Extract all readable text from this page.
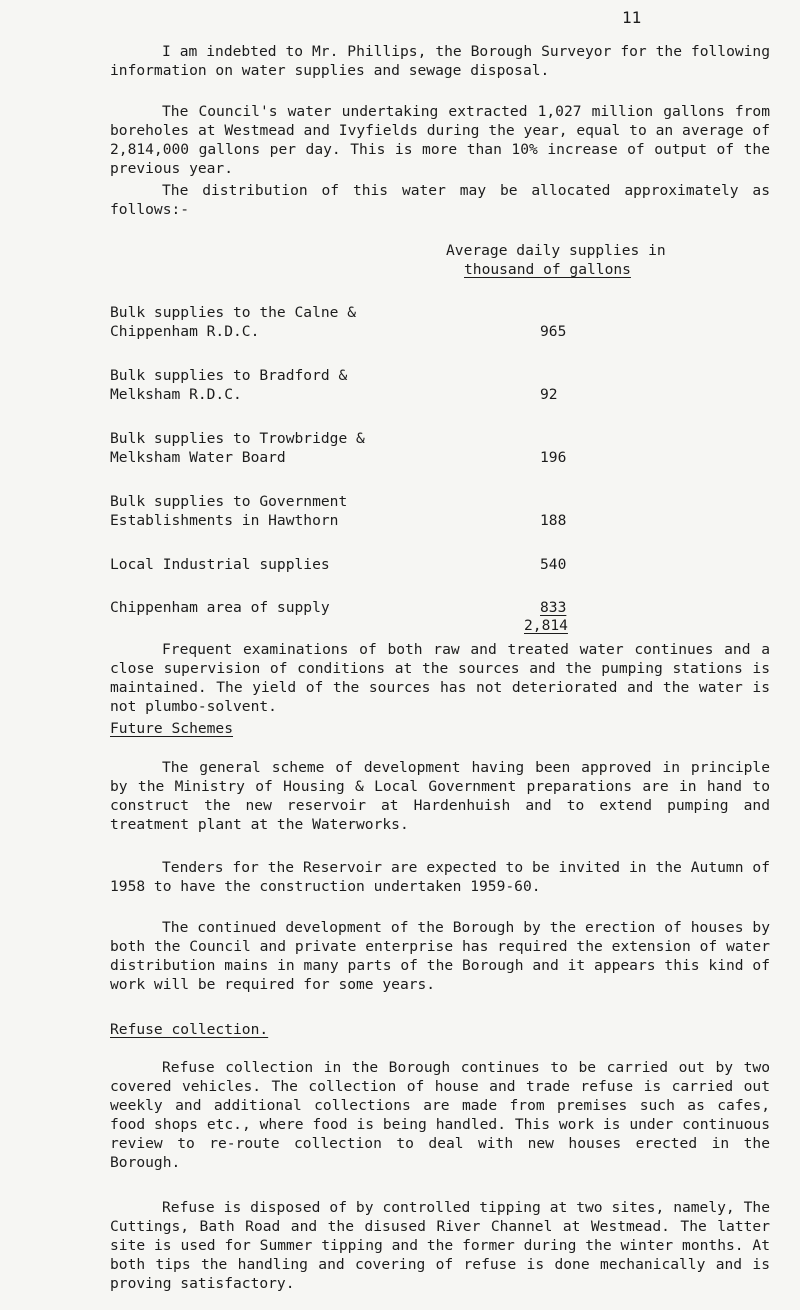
11

I am indebted to Mr. Phillips, the Borough Surveyor for the following information on water supplies and sewage disposal.

The Council's water undertaking extracted 1,027 million gallons from boreholes at Westmead and Ivyfields during the year, equal to an average of 2,814,000 gallons per day. This is more than 10% increase of output of the previous year.

The distribution of this water may be allocated approximately as follows:-

Average daily supplies in
thousand of gallons
Bulk supplies to the Calne &
Chippenham R.D.C.	965
Bulk supplies to Bradford &
Melksham R.D.C.	92
Bulk supplies to Trowbridge &
Melksham Water Board	196
Bulk supplies to Government
Establishments in Hawthorn	188
Local Industrial supplies	540
Chippenham area of supply	833
2,814

Frequent examinations of both raw and treated water continues and a close supervision of conditions at the sources and the pumping stations is maintained. The yield of the sources has not deteriorated and the water is not plumbo-solvent.

Future Schemes

The general scheme of development having been approved in principle by the Ministry of Housing & Local Government preparations are in hand to construct the new reservoir at Hardenhuish and to extend pumping and treatment plant at the Waterworks.

Tenders for the Reservoir are expected to be invited in the Autumn of 1958 to have the construction undertaken 1959-60.

The continued development of the Borough by the erection of houses by both the Council and private enterprise has required the extension of water distribution mains in many parts of the Borough and it appears this kind of work will be required for some years.

Refuse collection.

Refuse collection in the Borough continues to be carried out by two covered vehicles. The collection of house and trade refuse is carried out weekly and additional collections are made from premises such as cafes, food shops etc., where food is being handled. This work is under continuous review to re-route collection to deal with new houses erected in the Borough.

Refuse is disposed of by controlled tipping at two sites, namely, The Cuttings, Bath Road and the disused River Channel at Westmead. The latter site is used for Summer tipping and the former during the winter months. At both tips the handling and covering of refuse is done mechanically and is proving satisfactory.
